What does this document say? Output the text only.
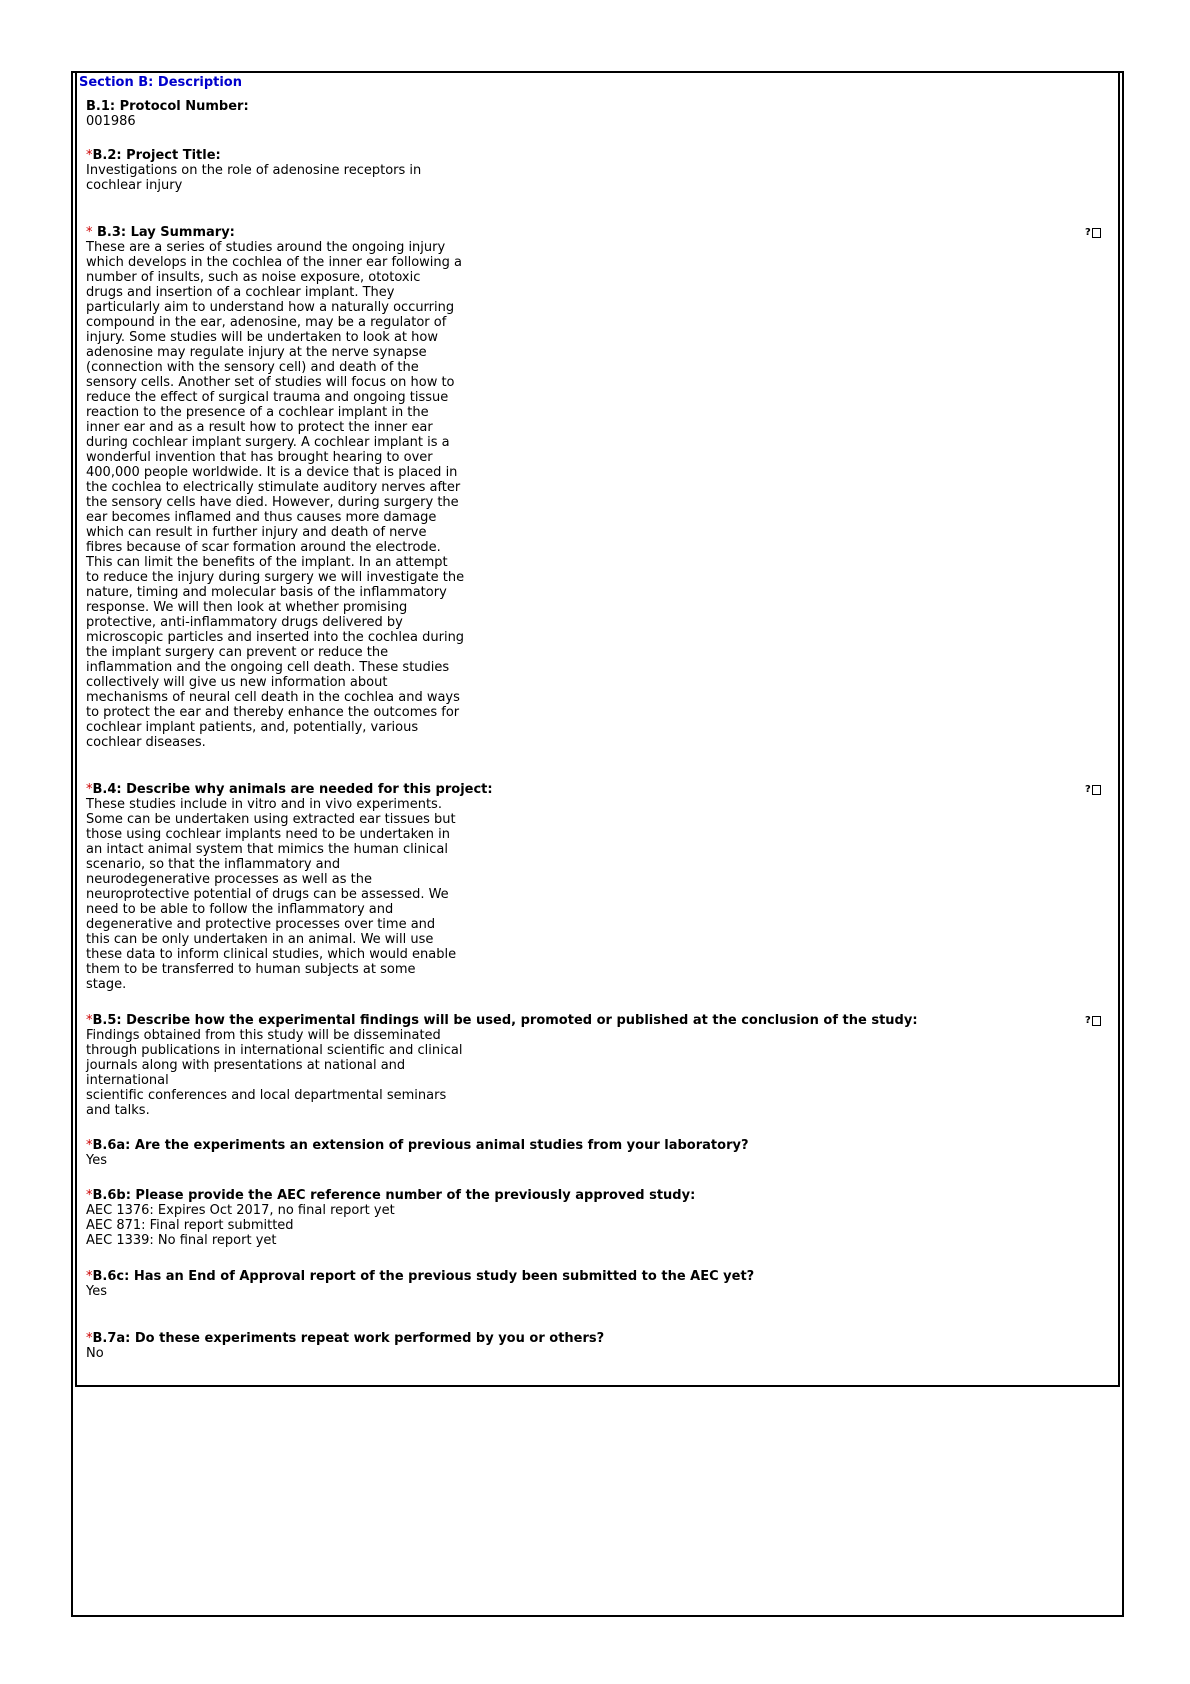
Section B: Description
B.1: Protocol Number:
001986
*B.2: Project Title:
Investigations on the role of adenosine receptors in
cochlear injury
* B.3: Lay Summary:
These are a series of studies around the ongoing injury
which develops in the cochlea of the inner ear following a
number of insults, such as noise exposure, ototoxic
drugs and insertion of a cochlear implant. They
particularly aim to understand how a naturally occurring
compound in the ear, adenosine, may be a regulator of
injury. Some studies will be undertaken to look at how
adenosine may regulate injury at the nerve synapse
(connection with the sensory cell) and death of the
sensory cells. Another set of studies will focus on how to
reduce the effect of surgical trauma and ongoing tissue
reaction to the presence of a cochlear implant in the
inner ear and as a result how to protect the inner ear
during cochlear implant surgery. A cochlear implant is a
wonderful invention that has brought hearing to over
400,000 people worldwide. It is a device that is placed in
the cochlea to electrically stimulate auditory nerves after
the sensory cells have died. However, during surgery the
ear becomes inflamed and thus causes more damage
which can result in further injury and death of nerve
fibres because of scar formation around the electrode.
This can limit the benefits of the implant. In an attempt
to reduce the injury during surgery we will investigate the
nature, timing and molecular basis of the inflammatory
response. We will then look at whether promising
protective, anti-inflammatory drugs delivered by
microscopic particles and inserted into the cochlea during
the implant surgery can prevent or reduce the
inflammation and the ongoing cell death. These studies
collectively will give us new information about
mechanisms of neural cell death in the cochlea and ways
to protect the ear and thereby enhance the outcomes for
cochlear implant patients, and, potentially, various
cochlear diseases.
*B.4: Describe why animals are needed for this project:
These studies include in vitro and in vivo experiments.
Some can be undertaken using extracted ear tissues but
those using cochlear implants need to be undertaken in
an intact animal system that mimics the human clinical
scenario, so that the inflammatory and
neurodegenerative processes as well as the
neuroprotective potential of drugs can be assessed. We
need to be able to follow the inflammatory and
degenerative and protective processes over time and
this can be only undertaken in an animal. We will use
these data to inform clinical studies, which would enable
them to be transferred to human subjects at some
stage.
*B.5: Describe how the experimental findings will be used, promoted or published at the conclusion of the study:
Findings obtained from this study will be disseminated
through publications in international scientific and clinical
journals along with presentations at national and
international
scientific conferences and local departmental seminars
and talks.
*B.6a: Are the experiments an extension of previous animal studies from your laboratory?
Yes
*B.6b: Please provide the AEC reference number of the previously approved study:
AEC 1376: Expires Oct 2017, no final report yet
AEC 871: Final report submitted
AEC 1339: No final report yet
*B.6c: Has an End of Approval report of the previous study been submitted to the AEC yet?
Yes
*B.7a: Do these experiments repeat work performed by you or others?
No
?
?
?
